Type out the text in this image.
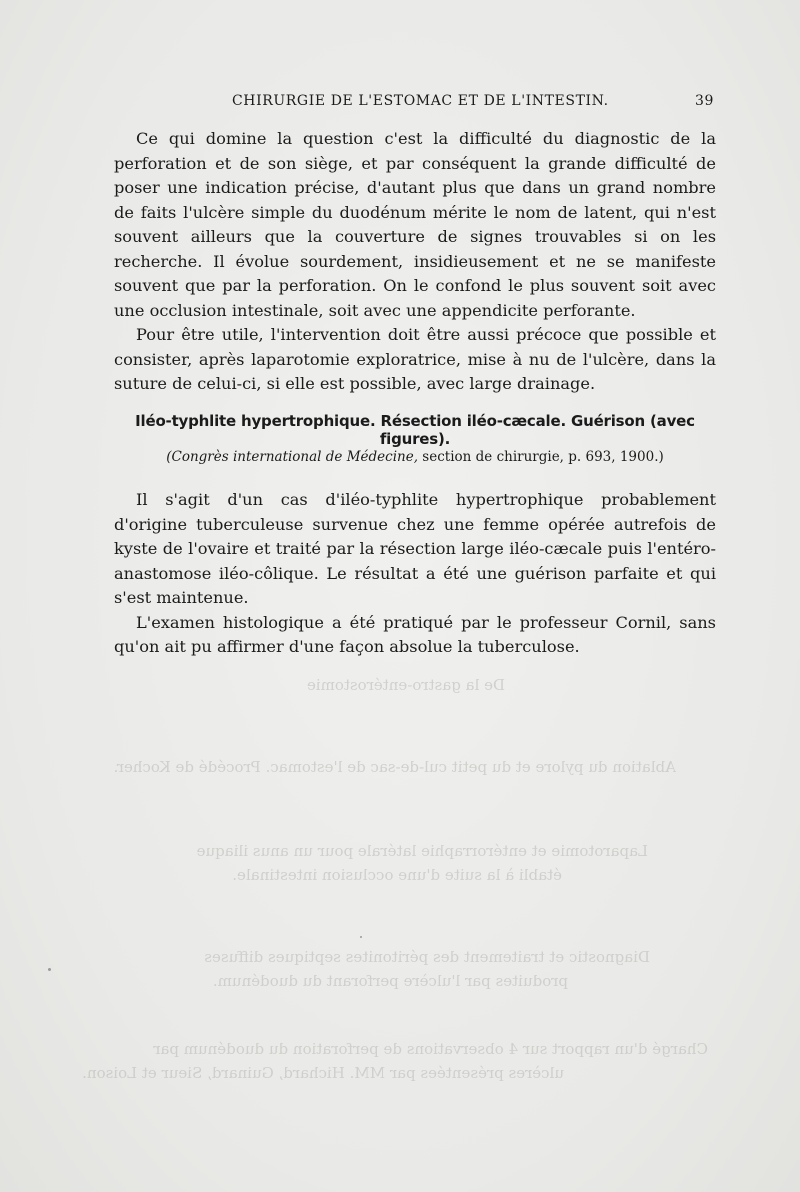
De la gastro-entérostomie
Ablation du pylore et du petit cul-de-sac de l'estomac. Procédé de Kocher.
Laparotomie et entérorraphie latérale pour un anus iliaque
établi à la suite d'une occlusion intestinale.
Diagnostic et traitement des péritonites septiques diffuses
produites par l'ulcère perforant du duodénum.
Chargé d'un rapport sur 4 observations de perforation du duodénum par
ulcères présentées par MM. Hichard, Guinard, Sieur et Loison.
CHIRURGIE DE L'ESTOMAC ET DE L'INTESTIN.	39

Ce qui domine la question c'est la difficulté du diagnostic de la perforation et de son siège, et par conséquent la grande difficulté de poser une indication précise, d'autant plus que dans un grand nombre de faits l'ulcère simple du duodénum mérite le nom de latent, qui n'est souvent ailleurs que la couverture de signes trouvables si on les recherche. Il évolue sourdement, insidieusement et ne se manifeste souvent que par la perforation. On le confond le plus souvent soit avec une occlusion intestinale, soit avec une appendicite perforante.

Pour être utile, l'intervention doit être aussi précoce que possible et consister, après laparotomie exploratrice, mise à nu de l'ulcère, dans la suture de celui-ci, si elle est possible, avec large drainage.

Iléo-typhlite hypertrophique. Résection iléo-cæcale. Guérison (avec figures).
(Congrès international de Médecine, section de chirurgie, p. 693, 1900.)

Il s'agit d'un cas d'iléo-typhlite hypertrophique probablement d'origine tuberculeuse survenue chez une femme opérée autrefois de kyste de l'ovaire et traité par la résection large iléo-cæcale puis l'entéro-anastomose iléo-côlique. Le résultat a été une guérison parfaite et qui s'est maintenue.

L'examen histologique a été pratiqué par le professeur Cornil, sans qu'on ait pu affirmer d'une façon absolue la tuberculose.
